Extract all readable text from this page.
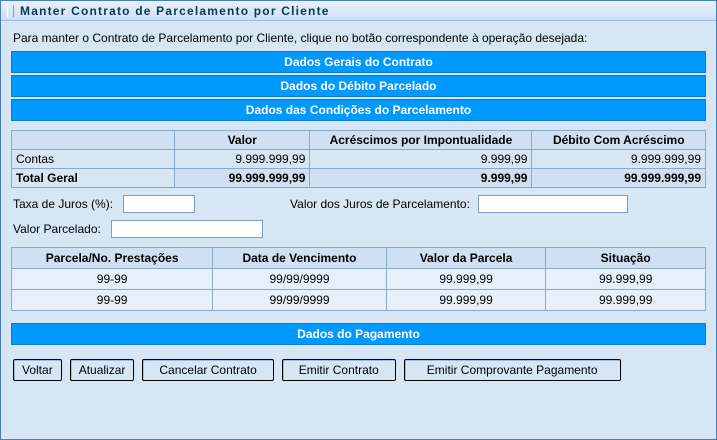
Manter Contrato de Parcelamento por Cliente
Para manter o Contrato de Parcelamento por Cliente, clique no botão correspondente à operação desejada:
Dados Gerais do Contrato
Dados do Débito Parcelado
Dados das Condições do Parcelamento
	Valor	Acréscimos por Impontualidade	Débito Com Acréscimo
Contas	9.999.999,99	9.999,99	9.999.999,99
Total Geral	99.999.999,99	9.999,99	99.999.999,99
Taxa de Juros (%):	Valor dos Juros de Parcelamento:
Valor Parcelado:
Parcela/No. Prestações	Data de Vencimento	Valor da Parcela	Situação
99-99	99/99/9999	99.999,99	99.999,99
99-99	99/99/9999	99.999,99	99.999,99
Dados do Pagamento
Voltar	Atualizar	Cancelar Contrato	Emitir Contrato	Emitir Comprovante Pagamento
